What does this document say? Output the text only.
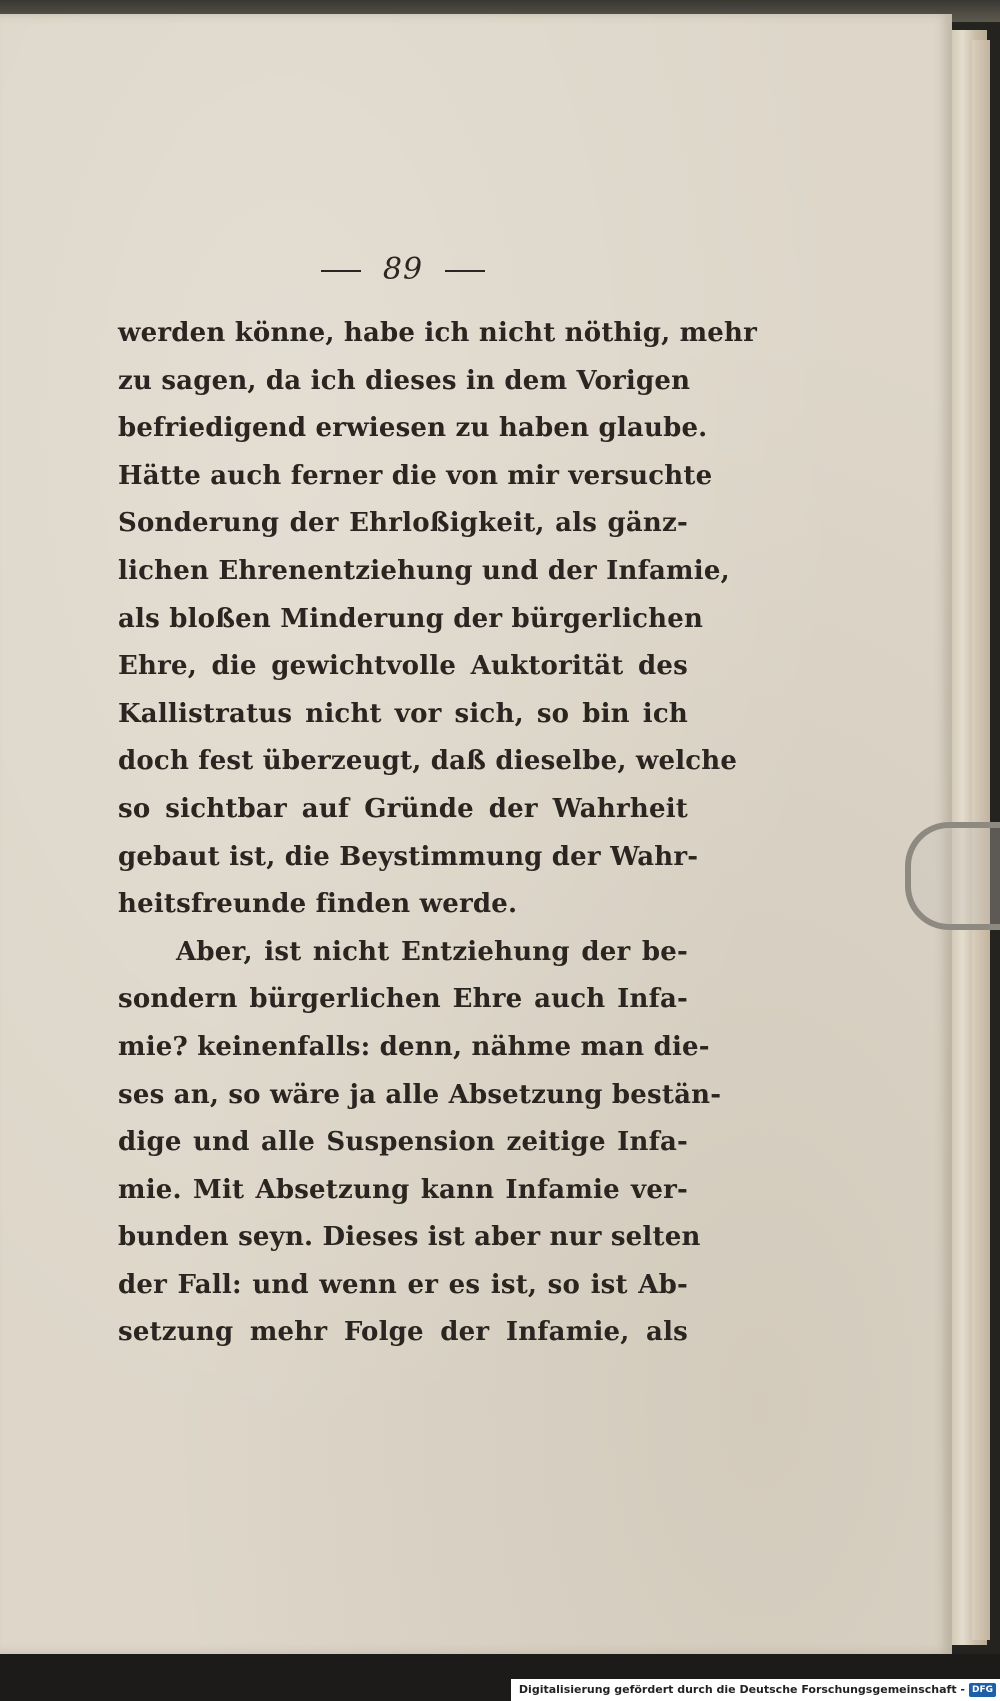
89
werden könne, habe ich nicht nöthig, mehr
zu sagen, da ich dieses in dem Vorigen
befriedigend erwiesen zu haben glaube.
Hätte auch ferner die von mir versuchte
Sonderung der Ehrloßigkeit, als gänz-
lichen Ehrenentziehung und der Infamie,
als bloßen Minderung der bürgerlichen
Ehre, die gewichtvolle Auktorität des
Kallistratus nicht vor sich, so bin ich
doch fest überzeugt, daß dieselbe, welche
so sichtbar auf Gründe der Wahrheit
gebaut ist, die Beystimmung der Wahr-
heitsfreunde finden werde.
Aber, ist nicht Entziehung der be-
sondern bürgerlichen Ehre auch Infa-
mie? keinenfalls: denn, nähme man die-
ses an, so wäre ja alle Absetzung bestän-
dige und alle Suspension zeitige Infa-
mie. Mit Absetzung kann Infamie ver-
bunden seyn. Dieses ist aber nur selten
der Fall: und wenn er es ist, so ist Ab-
setzung mehr Folge der Infamie, als
Digitalisierung gefördert durch die Deutsche Forschungsgemeinschaft - DFG
